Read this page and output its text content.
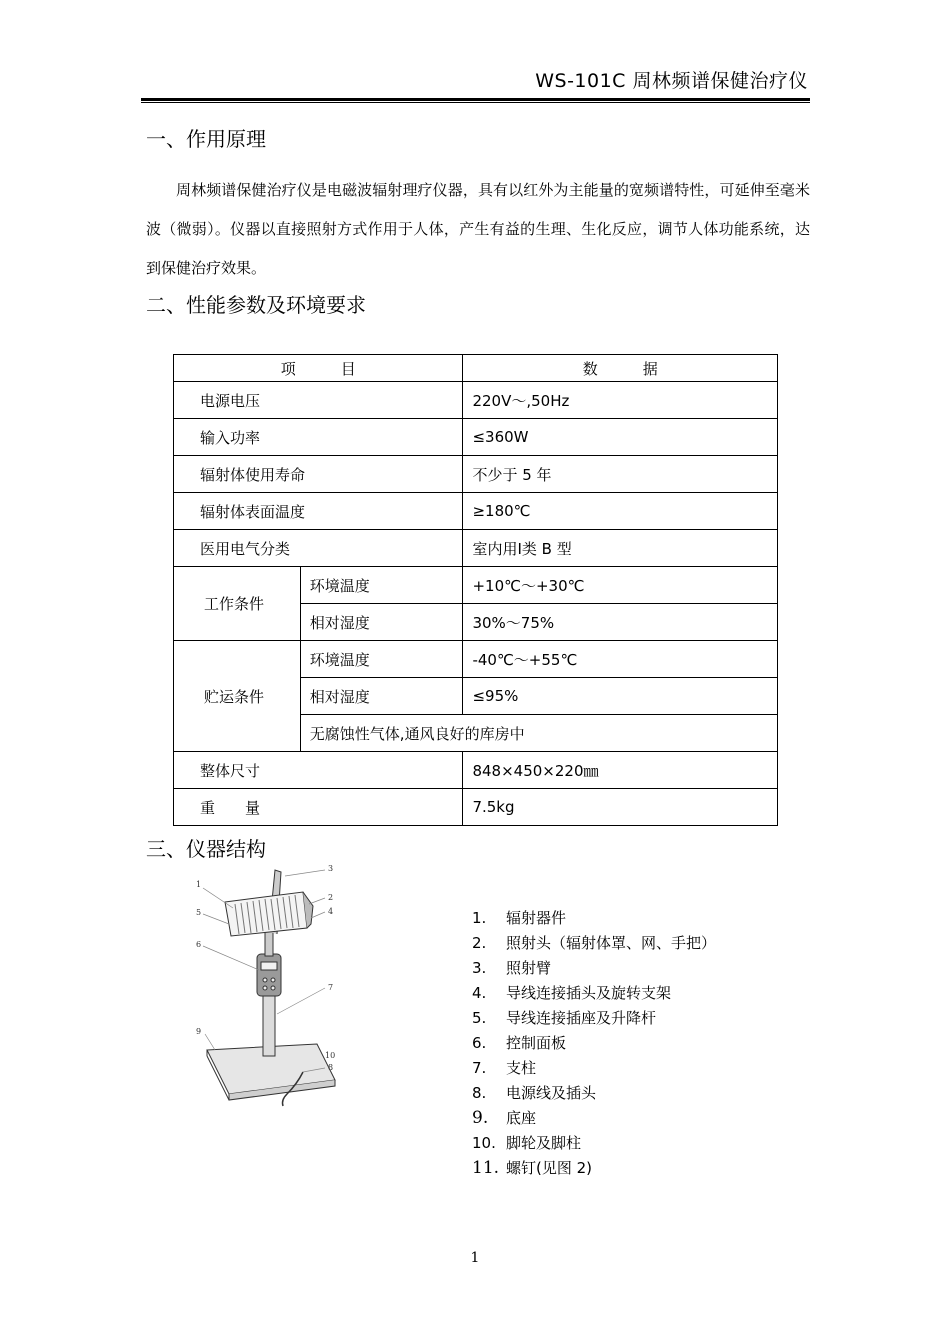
WS-101C 周林频谱保健治疗仪
一、作用原理

周林频谱保健治疗仪是电磁波辐射理疗仪器，具有以红外为主能量的宽频谱特性，可延伸至毫米波（微弱）。仪器以直接照射方式作用于人体，产生有益的生理、生化反应，调节人体功能系统，达到保健治疗效果。

二、性能参数及环境要求
项　　　目		数　　　据
电源电压		220V～,50Hz
输入功率		≤360W
辐射体使用寿命		不少于 5 年
辐射体表面温度		≥180℃
医用电气分类		室内用Ⅰ类 B 型
工作条件	环境温度	+10℃～+30℃
	相对湿度	30%～75%
贮运条件	环境温度	-40℃～+55℃
	相对湿度	≤95%
	无腐蚀性气体,通风良好的库房中	
整体尺寸		848×450×220㎜
重　　量		7.5kg
三、仪器结构
1
2
3
4
5
6
7
8
9
10
1.	辐射器件
2.	照射头（辐射体罩、网、手把）
3.	照射臂
4.	导线连接插头及旋转支架
5.	导线连接插座及升降杆
6.	控制面板
7.	支柱
8.	电源线及插头
9.	底座
10. 脚轮及脚柱
11. 螺钉(见图 2)
1
